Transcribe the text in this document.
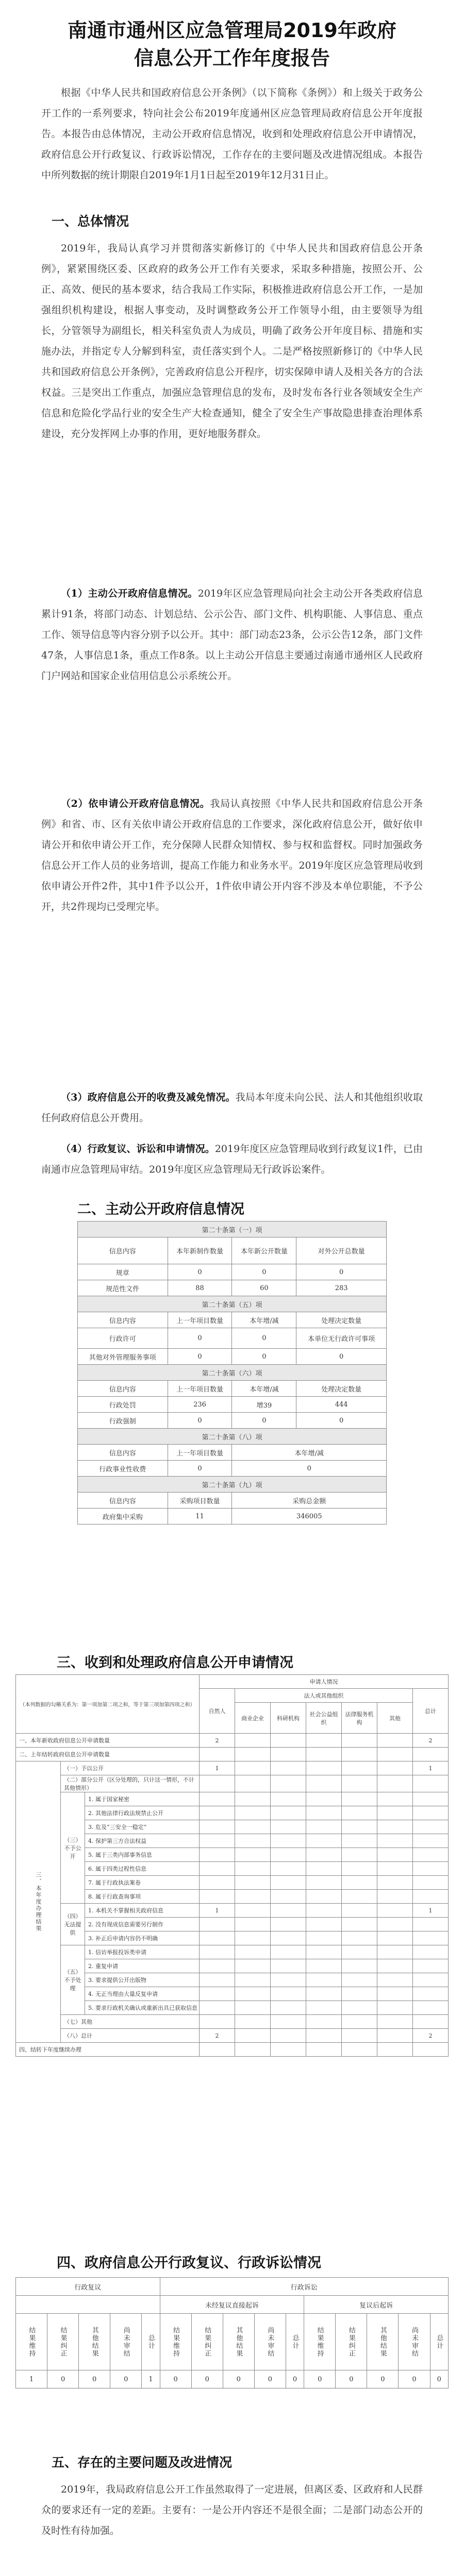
南通市通州区应急管理局2019年政府
信息公开工作年度报告

根据《中华人民共和国政府信息公开条例》（以下简称《条例》）和上级关于政务公开工作的一系列要求，特向社会公布2019年度通州区应急管理局政府信息公开年度报告。本报告由总体情况，主动公开政府信息情况，收到和处理政府信息公开申请情况，政府信息公开行政复议、行政诉讼情况，工作存在的主要问题及改进情况组成。本报告中所列数据的统计期限自2019年1月1日起至2019年12月31日止。

一、总体情况

2019年，我局认真学习并贯彻落实新修订的《中华人民共和国政府信息公开条例》，紧紧围绕区委、区政府的政务公开工作有关要求，采取多种措施，按照公开、公正、高效、便民的基本要求，结合我局工作实际，积极推进政府信息公开工作，一是加强组织机构建设，根据人事变动，及时调整政务公开工作领导小组，由主要领导为组长，分管领导为副组长，相关科室负责人为成员，明确了政务公开年度目标、措施和实施办法，并指定专人分解到科室，责任落实到个人。二是严格按照新修订的《中华人民共和国政府信息公开条例》，完善政府信息公开程序，切实保障申请人及相关各方的合法权益。三是突出工作重点，加强应急管理信息的发布，及时发布各行业各领域安全生产信息和危险化学品行业的安全生产大检查通知，健全了安全生产事故隐患排查治理体系建设，充分发挥网上办事的作用，更好地服务群众。

（1）主动公开政府信息情况。2019年区应急管理局向社会主动公开各类政府信息累计91条，将部门动态、计划总结、公示公告、部门文件、机构职能、人事信息、重点工作、领导信息等内容分别予以公开。其中：部门动态23条，公示公告12条，部门文件47条，人事信息1条，重点工作8条。以上主动公开信息主要通过南通市通州区人民政府门户网站和国家企业信用信息公示系统公开。

（2）依申请公开政府信息情况。我局认真按照《中华人民共和国政府信息公开条例》和省、市、区有关依申请公开政府信息的工作要求，深化政府信息公开，做好依申请公开和依申请公开工作，充分保障人民群众知情权、参与权和监督权。同时加强政务信息公开工作人员的业务培训，提高工作能力和业务水平。2019年度区应急管理局收到依申请公开件2件，其中1件予以公开，1件依申请公开内容不涉及本单位职能，不予公开，共2件现均已受理完毕。

（3）政府信息公开的收费及减免情况。我局本年度未向公民、法人和其他组织收取任何政府信息公开费用。

（4）行政复议、诉讼和申请情况。2019年度区应急管理局收到行政复议1件，已由南通市应急管理局审结。2019年度区应急管理局无行政诉讼案件。

二、主动公开政府信息情况
第二十条第（一）项			
信息内容	本年新制作数量	本年新公开数量	对外公开总数量
规章	0	0	0
规范性文件	88	60	283
第二十条第（五）项			
信息内容	上一年项目数量	本年增/减	处理决定数量
行政许可	0	0	本单位无行政许可事项
其他对外管理服务事项	0	0	0
第二十条第（六）项			
信息内容	上一年项目数量	本年增/减	处理决定数量
行政处罚	236	增39	444
行政强制	0	0	0
第二十条第（八）项			
信息内容	上一年项目数量	本年增/减	
行政事业性收费	0	0	
第二十条第（九）项			
信息内容	采购项目数量	采购总金额	
政府集中采购	11	346005	
三、收到和处理政府信息公开申请情况
（本列数据的勾稽关系为：第一项加第二项之和，等于第三项加第四项之和）			申请人情况						
			自然人	法人或其他组织					总计
				商业企业	科研机构	社会公益组织	法律服务机构	其他	
一、本年新收政府信息公开申请数量			2						2
二、上年结转政府信息公开申请数量									
三、本年度办理结果	（一）予以公开		1						1
	（二）部分公开（区分处理的，只计这一情形，不计其他情形）								
	（三）不予公开	1. 属于国家秘密							
		2. 其他法律行政法规禁止公开							
		3. 危及“三安全一稳定”							
		4. 保护第三方合法权益							
		5. 属于三类内部事务信息							
		6. 属于四类过程性信息							
		7. 属于行政执法案卷							
		8. 属于行政查询事项							
	（四）无法提供	1. 本机关不掌握相关政府信息	1						1
		2. 没有现成信息需要另行制作							
		3. 补正后申请内容仍不明确							
	（五）不予处理	1. 信访举报投诉类申请							
		2. 重复申请							
		3. 要求提供公开出版物							
		4. 无正当理由大量反复申请							
		5. 要求行政机关确认或重新出具已获取信息							
	（七）其他								
	（八）总计		2						2
四、结转下年度继续办理									
四、政府信息公开行政复议、行政诉讼情况
行政复议					行政诉讼									
					未经复议直接起诉					复议后起诉				
结果维持	结果纠正	其他结果	尚未审结	总计	结果维持	结果纠正	其他结果	尚未审结	总计	结果维持	结果纠正	其他结果	尚未审结	总计
1	0	0	0	1	0	0	0	0	0	0	0	0	0	0
五、存在的主要问题及改进情况

2019年，我局政府信息公开工作虽然取得了一定进展，但离区委、区政府和人民群众的要求还有一定的差距。主要有：一是公开内容还不是很全面；二是部门动态公开的及时性有待加强。
